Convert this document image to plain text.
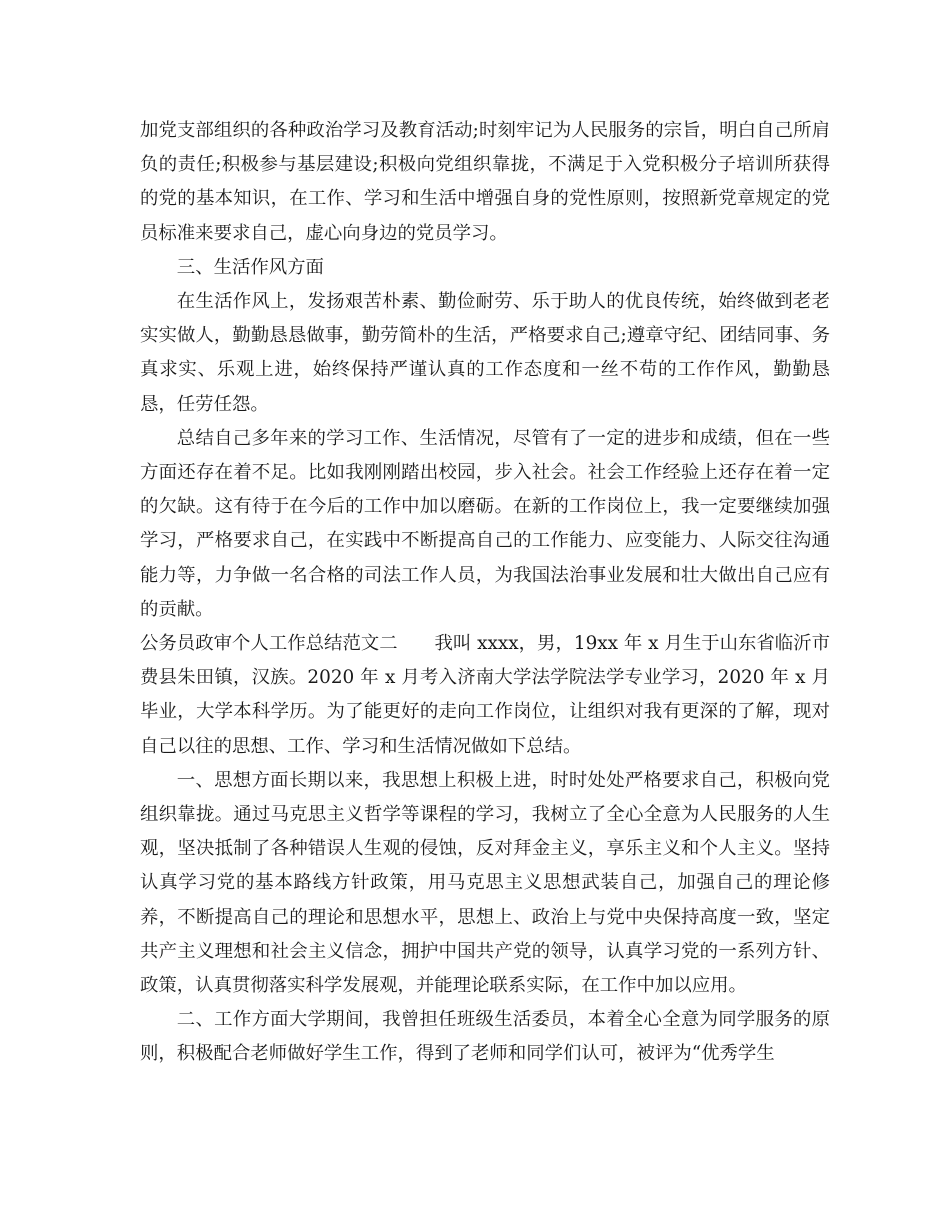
加党支部组织的各种政治学习及教育活动;时刻牢记为人民服务的宗旨，明白自己所肩负的责任;积极参与基层建设;积极向党组织靠拢，不满足于入党积极分子培训所获得的党的基本知识，在工作、学习和生活中增强自身的党性原则，按照新党章规定的党员标准来要求自己，虚心向身边的党员学习。

三、生活作风方面

在生活作风上，发扬艰苦朴素、勤俭耐劳、乐于助人的优良传统，始终做到老老实实做人，勤勤恳恳做事，勤劳简朴的生活，严格要求自己;遵章守纪、团结同事、务真求实、乐观上进，始终保持严谨认真的工作态度和一丝不苟的工作作风，勤勤恳恳，任劳任怨。

总结自己多年来的学习工作、生活情况，尽管有了一定的进步和成绩，但在一些方面还存在着不足。比如我刚刚踏出校园，步入社会。社会工作经验上还存在着一定的欠缺。这有待于在今后的工作中加以磨砺。在新的工作岗位上，我一定要继续加强学习，严格要求自己，在实践中不断提高自己的工作能力、应变能力、人际交往沟通能力等，力争做一名合格的司法工作人员，为我国法治事业发展和壮大做出自己应有的贡献。

公务员政审个人工作总结范文二　　我叫 xxxx，男，19xx 年 x 月生于山东省临沂市费县朱田镇，汉族。2020 年 x 月考入济南大学法学院法学专业学习，2020 年 x 月毕业，大学本科学历。为了能更好的走向工作岗位，让组织对我有更深的了解，现对自己以往的思想、工作、学习和生活情况做如下总结。

一、思想方面长期以来，我思想上积极上进，时时处处严格要求自己，积极向党组织靠拢。通过马克思主义哲学等课程的学习，我树立了全心全意为人民服务的人生观，坚决抵制了各种错误人生观的侵蚀，反对拜金主义，享乐主义和个人主义。坚持认真学习党的基本路线方针政策，用马克思主义思想武装自己，加强自己的理论修养，不断提高自己的理论和思想水平，思想上、政治上与党中央保持高度一致，坚定共产主义理想和社会主义信念，拥护中国共产党的领导，认真学习党的一系列方针、政策，认真贯彻落实科学发展观，并能理论联系实际，在工作中加以应用。

二、工作方面大学期间，我曾担任班级生活委员，本着全心全意为同学服务的原则，积极配合老师做好学生工作，得到了老师和同学们认可，被评为“优秀学生
